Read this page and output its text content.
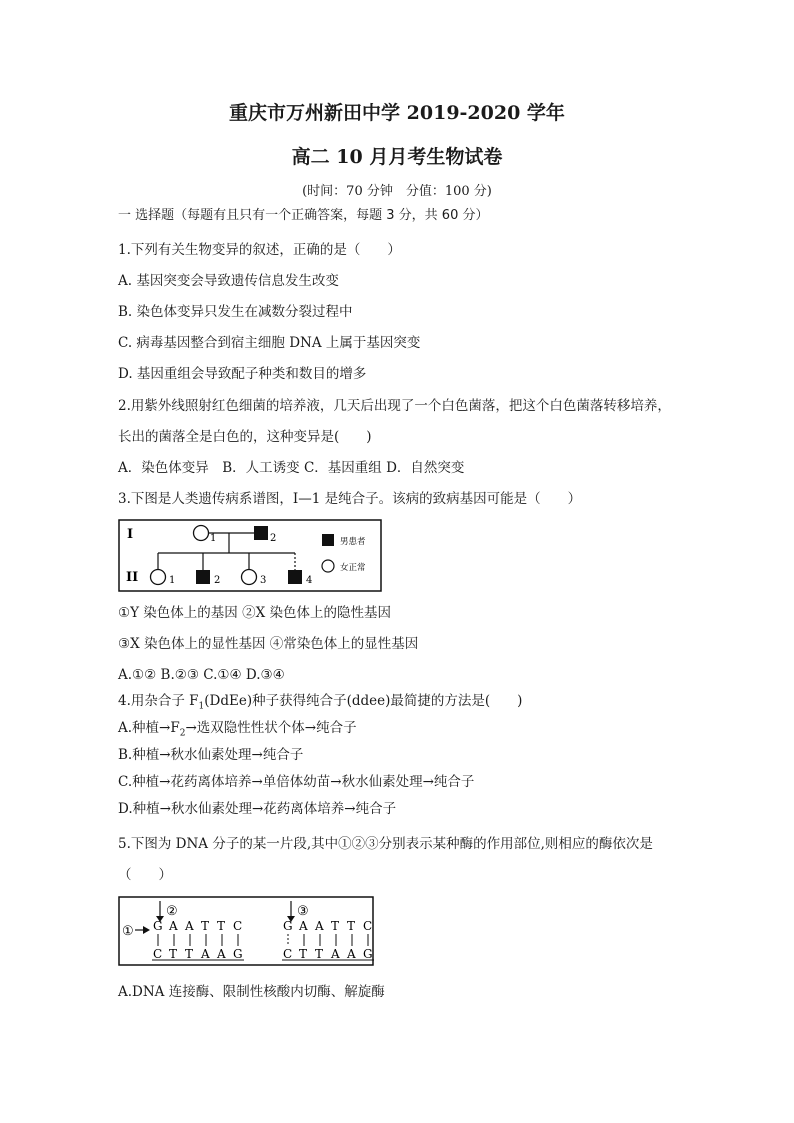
重庆市万州新田中学 2019-2020 学年
高二 10 月月考生物试卷
(时间：70 分钟　分值：100 分)
一 选择题（每题有且只有一个正确答案，每题 3 分，共 60 分）
1.下列有关生物变异的叙述，正确的是（　　）
A. 基因突变会导致遗传信息发生改变
B. 染色体变异只发生在减数分裂过程中
C. 病毒基因整合到宿主细胞 DNA 上属于基因突变
D. 基因重组会导致配子种类和数目的增多
2.用紫外线照射红色细菌的培养液，几天后出现了一个白色菌落，把这个白色菌落转移培养，
长出的菌落全是白色的，这种变异是(　　)
A．染色体变异　B．人工诱变 C．基因重组 D．自然突变
3.下图是人类遗传病系谱图，I—1 是纯合子。该病的致病基因可能是（　　）
I
II
1	2
1	2	3	4
男患者
女正常
①Y 染色体上的基因 ②X 染色体上的隐性基因
③X 染色体上的显性基因 ④常染色体上的显性基因
A.①② B.②③ C.①④ D.③④
4.用杂合子 $F_1(DdEe)$种子获得纯合子(ddee)最简捷的方法是(　　)
A.种植$\to F_2\to$选双隐性性状个体→纯合子
B.种植→秋水仙素处理→纯合子
C.种植→花药离体培养→单倍体幼苗→秋水仙素处理→纯合子
D.种植→秋水仙素处理→花药离体培养→纯合子
5.下图为 DNA 分子的某一片段,其中①②③分别表示某种酶的作用部位,则相应的酶依次是
（　　）
②
① G
C
A
T
A
T
T
A
T
A
C
G
③
G
C
A
T
A
T
T
A
T
A
C
G
A.DNA 连接酶、限制性核酸内切酶、解旋酶
